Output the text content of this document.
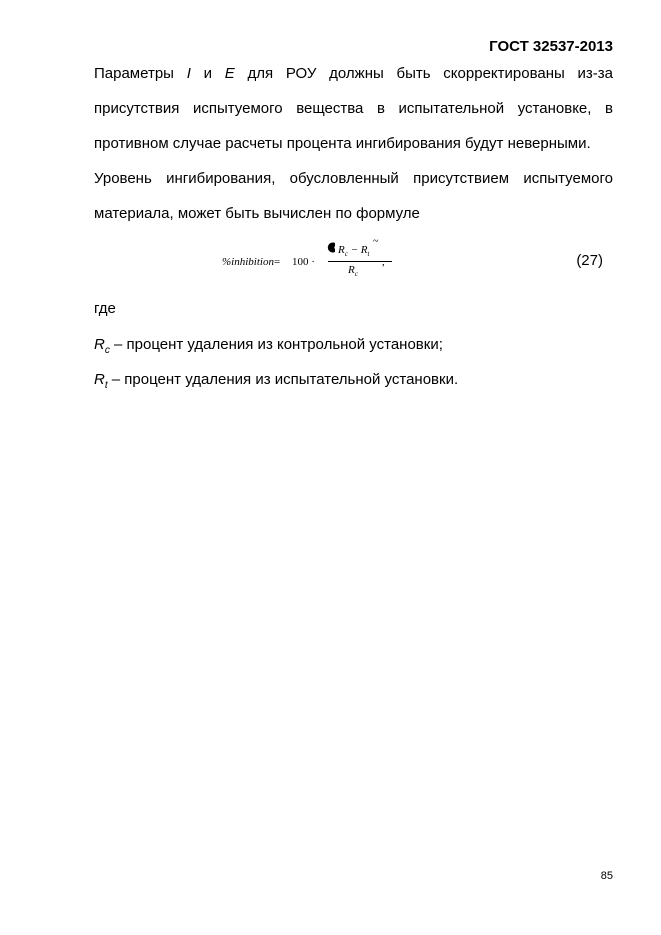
ГОСТ 32537-2013
Параметры I и E для РОУ должны быть скорректированы из-за
присутствия испытуемого вещества в испытательной установке, в
противном случае расчеты процента ингибирования будут неверными.
Уровень ингибирования, обусловленный присутствием испытуемого
материала, может быть вычислен по формуле
%inhibition= 100 ·
$R_c - R_t$
~
$R_c$
,	(27)
где
$R_c$ – процент удаления из контрольной установки;
$R_t$ – процент удаления из испытательной установки.
85
